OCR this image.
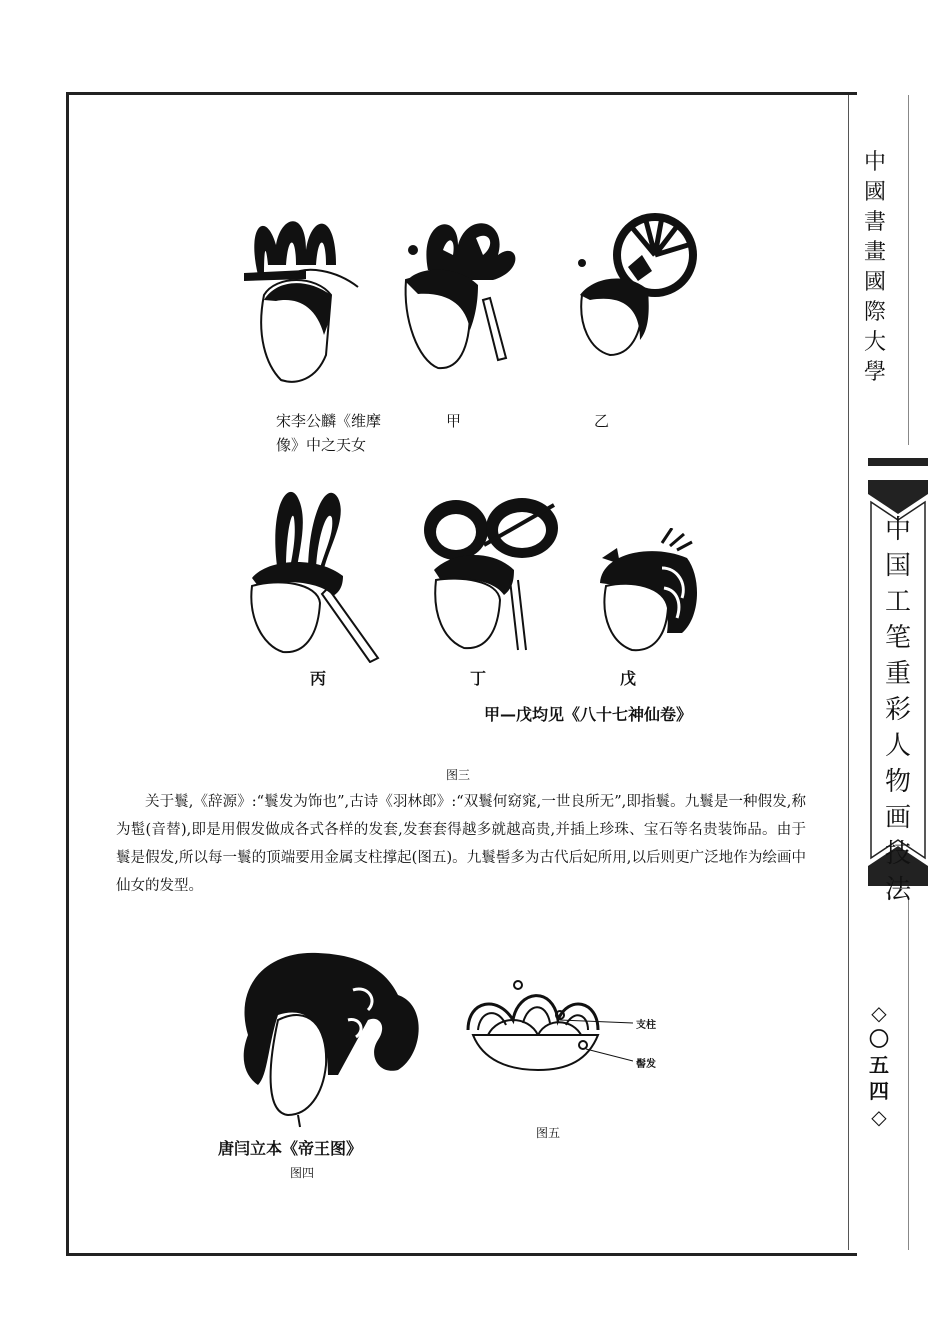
中
國
書
畫
國
際
大
學
中
国
工
笔
重
彩
人
物
画
技
法
◇
〇
五
四
◇
宋李公麟《维摩
像》中之天女
甲	乙
丙	丁	戊
甲—戊均见《八十七神仙卷》
图三

关于鬟,《辞源》:“鬟发为饰也”,古诗《羽林郎》:“双鬟何窈窕,一世良所无”,即指鬟。九鬟是一种假发,称为髢(音替),即是用假发做成各式各样的发套,发套套得越多就越高贵,并插上珍珠、宝石等名贵装饰品。由于鬟是假发,所以每一鬟的顶端要用金属支柱撑起(图五)。九鬟髻多为古代后妃所用,以后则更广泛地作为绘画中仙女的发型。

唐闫立本《帝王图》
图四
支柱
髻发
图五
